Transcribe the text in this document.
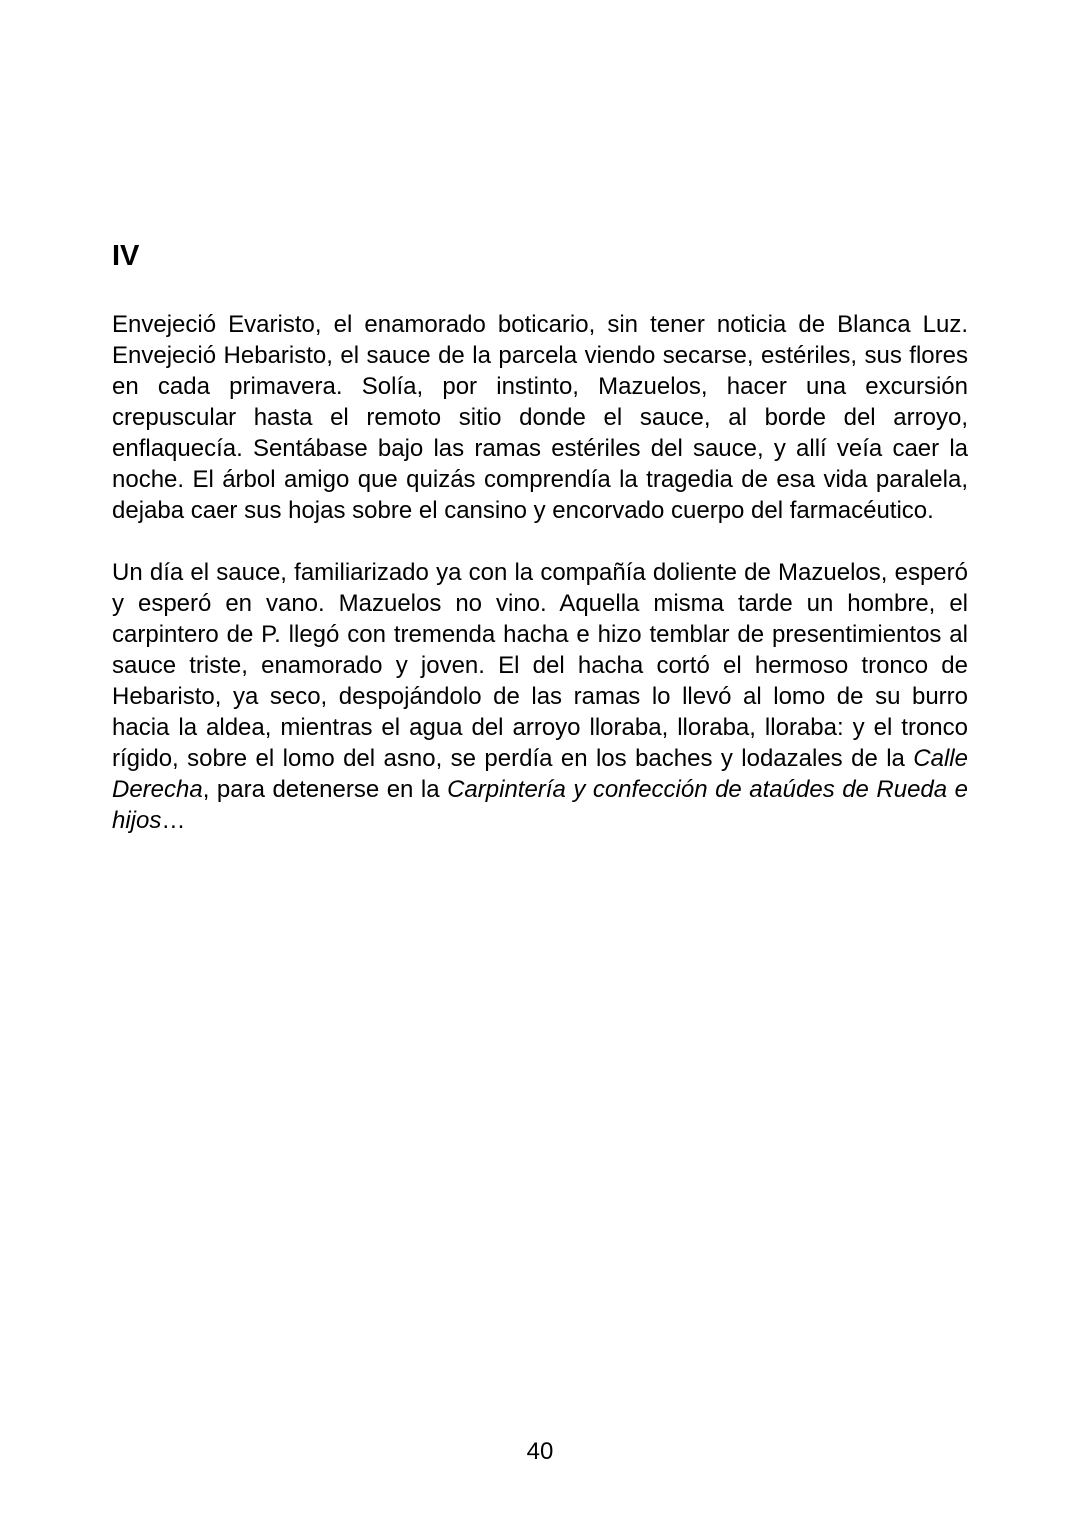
IV

Envejeció Evaristo, el enamorado boticario, sin tener noticia de Blanca Luz. Envejeció Hebaristo, el sauce de la parcela viendo secarse, estériles, sus flores en cada primavera. Solía, por instinto, Mazuelos, hacer una excursión crepuscular hasta el remoto sitio donde el sauce, al borde del arroyo, enflaquecía. Sentábase bajo las ramas estériles del sauce, y allí veía caer la noche. El árbol amigo que quizás comprendía la tragedia de esa vida paralela, dejaba caer sus hojas sobre el cansino y encorvado cuerpo del farmacéutico.

Un día el sauce, familiarizado ya con la compañía doliente de Mazuelos, esperó y esperó en vano. Mazuelos no vino. Aquella misma tarde un hombre, el carpintero de P. llegó con tremenda hacha e hizo temblar de presentimientos al sauce triste, enamorado y joven. El del hacha cortó el hermoso tronco de Hebaristo, ya seco, despojándolo de las ramas lo llevó al lomo de su burro hacia la aldea, mientras el agua del arroyo lloraba, lloraba, lloraba: y el tronco rígido, sobre el lomo del asno, se perdía en los baches y lodazales de la Calle Derecha, para detenerse en la Carpintería y confección de ataúdes de Rueda e hijos…

40
